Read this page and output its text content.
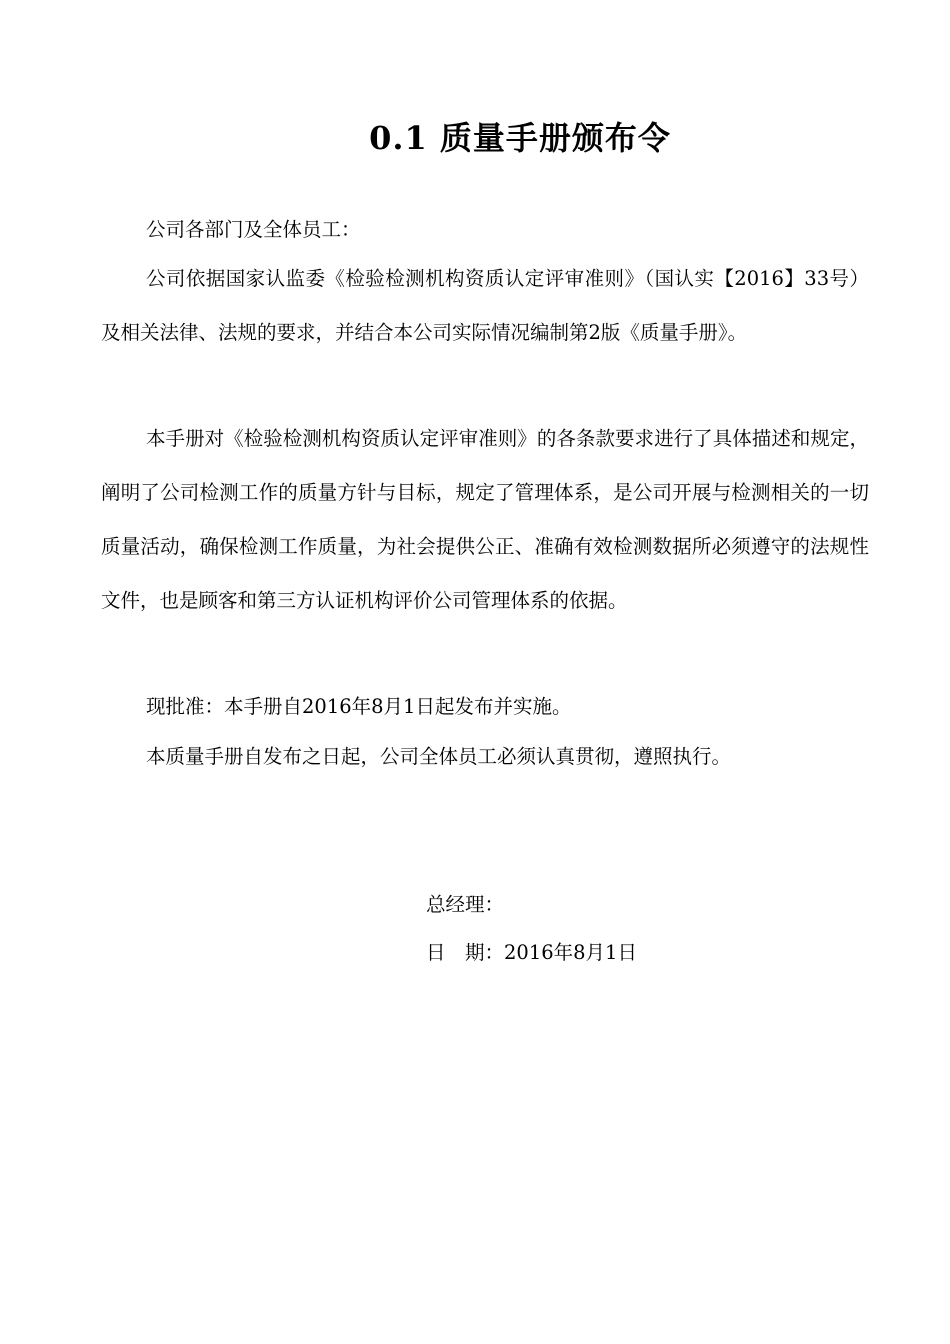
0.1 质量手册颁布令

公司各部门及全体员工：

公司依据国家认监委《检验检测机构资质认定评审准则》（国认实【2016】33号）及相关法律、法规的要求，并结合本公司实际情况编制第2版《质量手册》。

本手册对《检验检测机构资质认定评审准则》的各条款要求进行了具体描述和规定，阐明了公司检测工作的质量方针与目标，规定了管理体系，是公司开展与检测相关的一切质量活动，确保检测工作质量，为社会提供公正、准确有效检测数据所必须遵守的法规性文件，也是顾客和第三方认证机构评价公司管理体系的依据。

现批准：本手册自2016年8月1日起发布并实施。

本质量手册自发布之日起，公司全体员工必须认真贯彻，遵照执行。

总经理：

日　期：2016年8月1日
